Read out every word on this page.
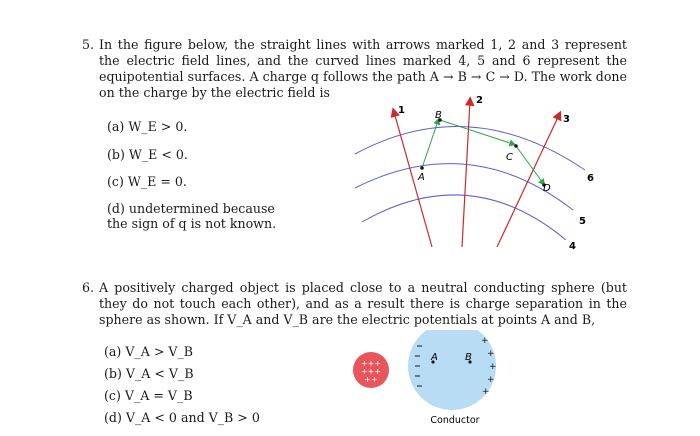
5. In the figure below, the straight lines with arrows marked 1, 2 and 3 represent the electric field lines, and the curved lines marked 4, 5 and 6 represent the equipotential surfaces. A charge q follows the path A → B → C → D. The work done on the charge by the electric field is
(a) W_E > 0.
(b) W_E < 0.
(c) W_E = 0.
(d) undetermined because the sign of q is not known.
1
2
3
6
5
4
A
B
C
D
6. A positively charged object is placed close to a neutral conducting sphere (but they do not touch each other), and as a result there is charge separation in the sphere as shown. If V_A and V_B are the electric potentials at points A and B,
(a) V_A > V_B
(b) V_A < V_B
(c) V_A = V_B
(d) V_A < 0 and V_B > 0
+++
+++
++
+
+
+
+
+
A	B
Conductor
